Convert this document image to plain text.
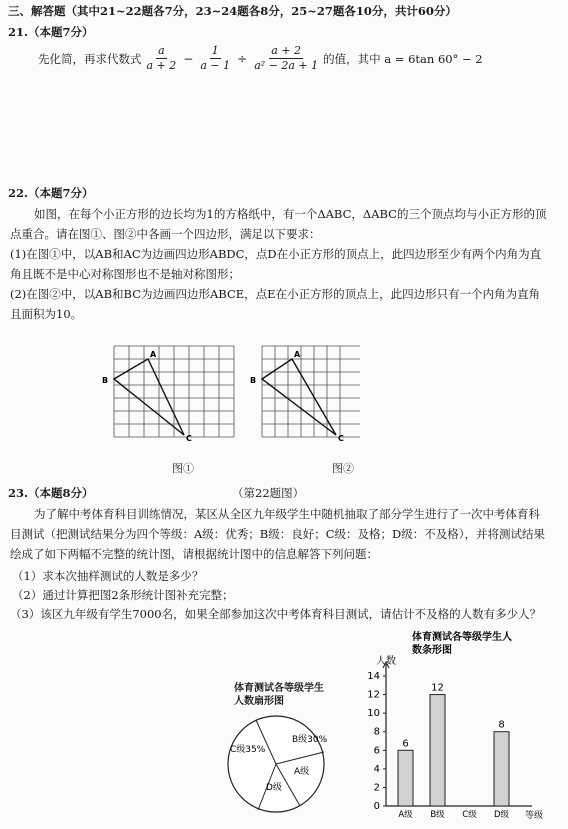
三、解答题（其中21~22题各7分，23~24题各8分，25~27题各10分，共计60分）
21.（本题7分）
先化简，再求代数式 $\frac{a}{a + 2} - \frac{1}{a - 1} \div \frac{a + 2}{\text{a² − 2a + 1}}$ 的值，其中 a = 6tan 60° − 2
22.（本题7分）
如图，在每个小正方形的边长均为1的方格纸中，有一个ΔABC，ΔABC的三个顶点均与小正方形的顶点重合。请在图①、图②中各画一个四边形，满足以下要求：
(1)在图①中，以AB和AC为边画四边形ABDC，点D在小正方形的顶点上，此四边形至少有两个内角为直角且既不是中心对称图形也不是轴对称图形；
(2)在图②中，以AB和BC为边画四边形ABCE，点E在小正方形的顶点上，此四边形只有一个内角为直角且面积为10。
A
B
C
图①
A
B
C
图②
23.（本题8分）	（第22题图）
为了解中考体育科目训练情况，某区从全区九年级学生中随机抽取了部分学生进行了一次中考体育科目测试（把测试结果分为四个等级：A级：优秀；B级：良好；C级：及格；D级：不及格），并将测试结果绘成了如下两幅不完整的统计图，请根据统计图中的信息解答下列问题：
（1）求本次抽样测试的人数是多少？
（2）通过计算把图2条形统计图补充完整；
（3）该区九年级有学生7000名，如果全部参加这次中考体育科目测试，请估计不及格的人数有多少人？
体育测试各等级学生
人数扇形图
B级30%
C级35%
A级
D级
体育测试各等级学生人
数条形图
人数
0
2
4
6
8
10
12
14
6
A级
12
B级 C级
8
D级 等级
